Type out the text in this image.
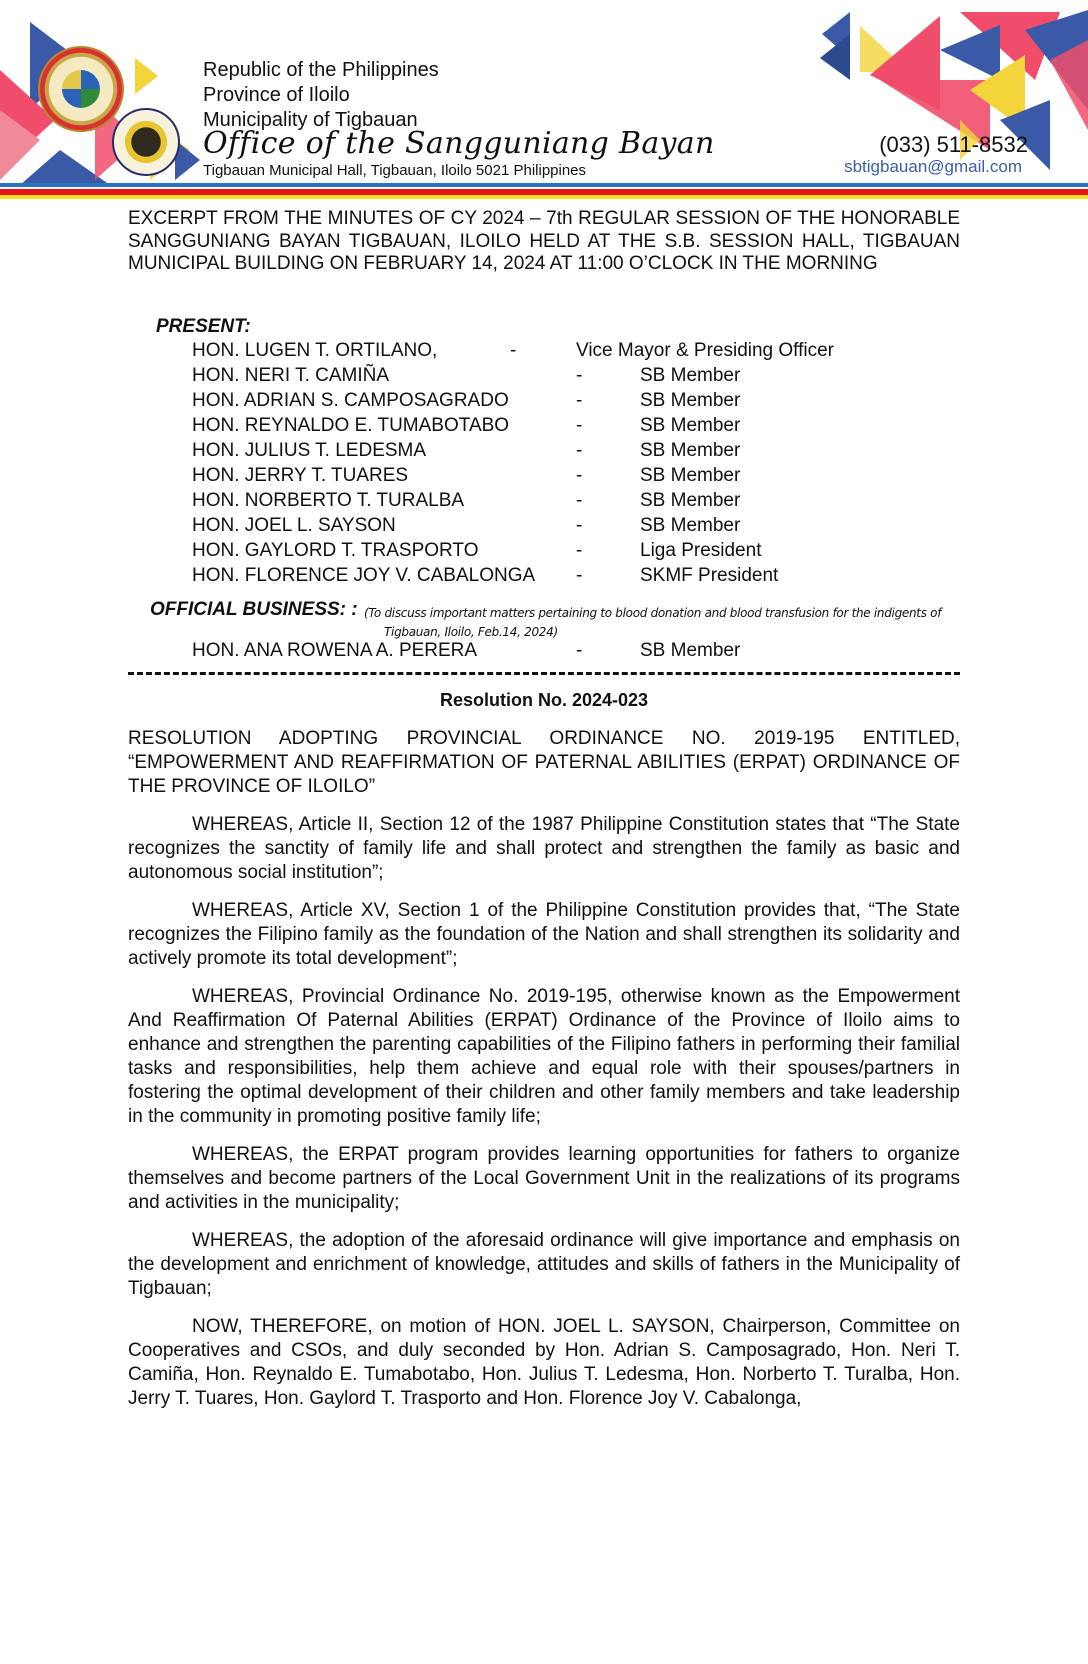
Republic of the Philippines
Province of Iloilo
Municipality of Tigbauan
Office of the Sangguniang Bayan
Tigbauan Municipal Hall, Tigbauan, Iloilo 5021 Philippines
(033) 511-8532
sbtigbauan@gmail.com

EXCERPT FROM THE MINUTES OF CY 2024 – 7th REGULAR SESSION OF THE HONORABLE SANGGUNIANG BAYAN TIGBAUAN, ILOILO HELD AT THE S.B. SESSION HALL, TIGBAUAN MUNICIPAL BUILDING ON FEBRUARY 14, 2024 AT 11:00 O’CLOCK IN THE MORNING

PRESENT:
HON. LUGEN T. ORTILANO,	-	Vice Mayor & Presiding Officer
HON. NERI T. CAMIÑA	-	SB Member
HON. ADRIAN S. CAMPOSAGRADO	-	SB Member
HON. REYNALDO E. TUMABOTABO	-	SB Member
HON. JULIUS T. LEDESMA	-	SB Member
HON. JERRY T. TUARES	-	SB Member
HON. NORBERTO T. TURALBA	-	SB Member
HON. JOEL L. SAYSON	-	SB Member
HON. GAYLORD T. TRASPORTO	-	Liga President
HON. FLORENCE JOY V. CABALONGA -	SKMF President
OFFICIAL BUSINESS: : (To discuss important matters pertaining to blood donation and blood transfusion for the indigents of
Tigbauan, Iloilo, Feb.14, 2024)
HON. ANA ROWENA A. PERERA	-	SB Member
Resolution No. 2024-023

RESOLUTION ADOPTING PROVINCIAL ORDINANCE NO. 2019-195 ENTITLED, “EMPOWERMENT AND REAFFIRMATION OF PATERNAL ABILITIES (ERPAT) ORDINANCE OF THE PROVINCE OF ILOILO”

WHEREAS, Article II, Section 12 of the 1987 Philippine Constitution states that “The State recognizes the sanctity of family life and shall protect and strengthen the family as basic and autonomous social institution”;

WHEREAS, Article XV, Section 1 of the Philippine Constitution provides that, “The State recognizes the Filipino family as the foundation of the Nation and shall strengthen its solidarity and actively promote its total development”;

WHEREAS, Provincial Ordinance No. 2019-195, otherwise known as the Empowerment And Reaffirmation Of Paternal Abilities (ERPAT) Ordinance of the Province of Iloilo aims to enhance and strengthen the parenting capabilities of the Filipino fathers in performing their familial tasks and responsibilities, help them achieve and equal role with their spouses/partners in fostering the optimal development of their children and other family members and take leadership in the community in promoting positive family life;

WHEREAS, the ERPAT program provides learning opportunities for fathers to organize themselves and become partners of the Local Government Unit in the realizations of its programs and activities in the municipality;

WHEREAS, the adoption of the aforesaid ordinance will give importance and emphasis on the development and enrichment of knowledge, attitudes and skills of fathers in the Municipality of Tigbauan;

NOW, THEREFORE, on motion of HON. JOEL L. SAYSON, Chairperson, Committee on Cooperatives and CSOs, and duly seconded by Hon. Adrian S. Camposagrado, Hon. Neri T. Camiña, Hon. Reynaldo E. Tumabotabo, Hon. Julius T. Ledesma, Hon. Norberto T. Turalba, Hon. Jerry T. Tuares, Hon. Gaylord T. Trasporto and Hon. Florence Joy V. Cabalonga,
